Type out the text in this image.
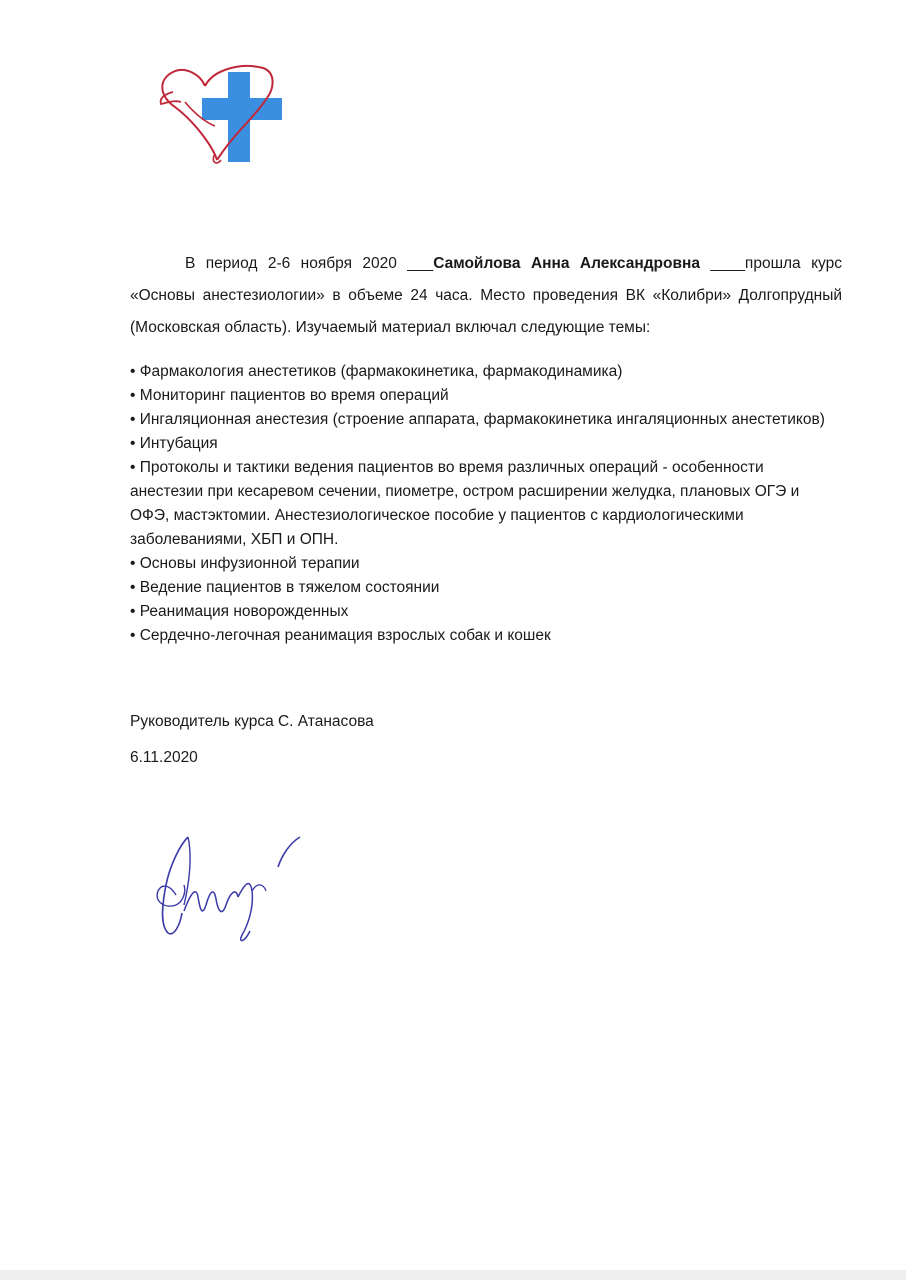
В период 2-6 ноября 2020 ___Самойлова Анна Александровна ____прошла курс «Основы анестезиологии» в объеме 24 часа. Место проведения ВК «Колибри» Долгопрудный (Московская область). Изучаемый материал включал следующие темы:

• Фармакология анестетиков (фармакокинетика, фармакодинамика)

• Мониторинг пациентов во время операций

• Ингаляционная анестезия (строение аппарата, фармакокинетика ингаляционных анестетиков)

• Интубация

• Протоколы и тактики ведения пациентов во время различных операций - особенности анестезии при кесаревом сечении, пиометре, остром расширении желудка, плановых ОГЭ и ОФЭ, мастэктомии. Анестезиологическое пособие у пациентов с кардиологическими заболеваниями, ХБП и ОПН.

• Основы инфузионной терапии

• Ведение пациентов в тяжелом состоянии

• Реанимация новорожденных

• Сердечно-легочная реанимация взрослых собак и кошек

Руководитель курса С. Атанасова
6.11.2020
